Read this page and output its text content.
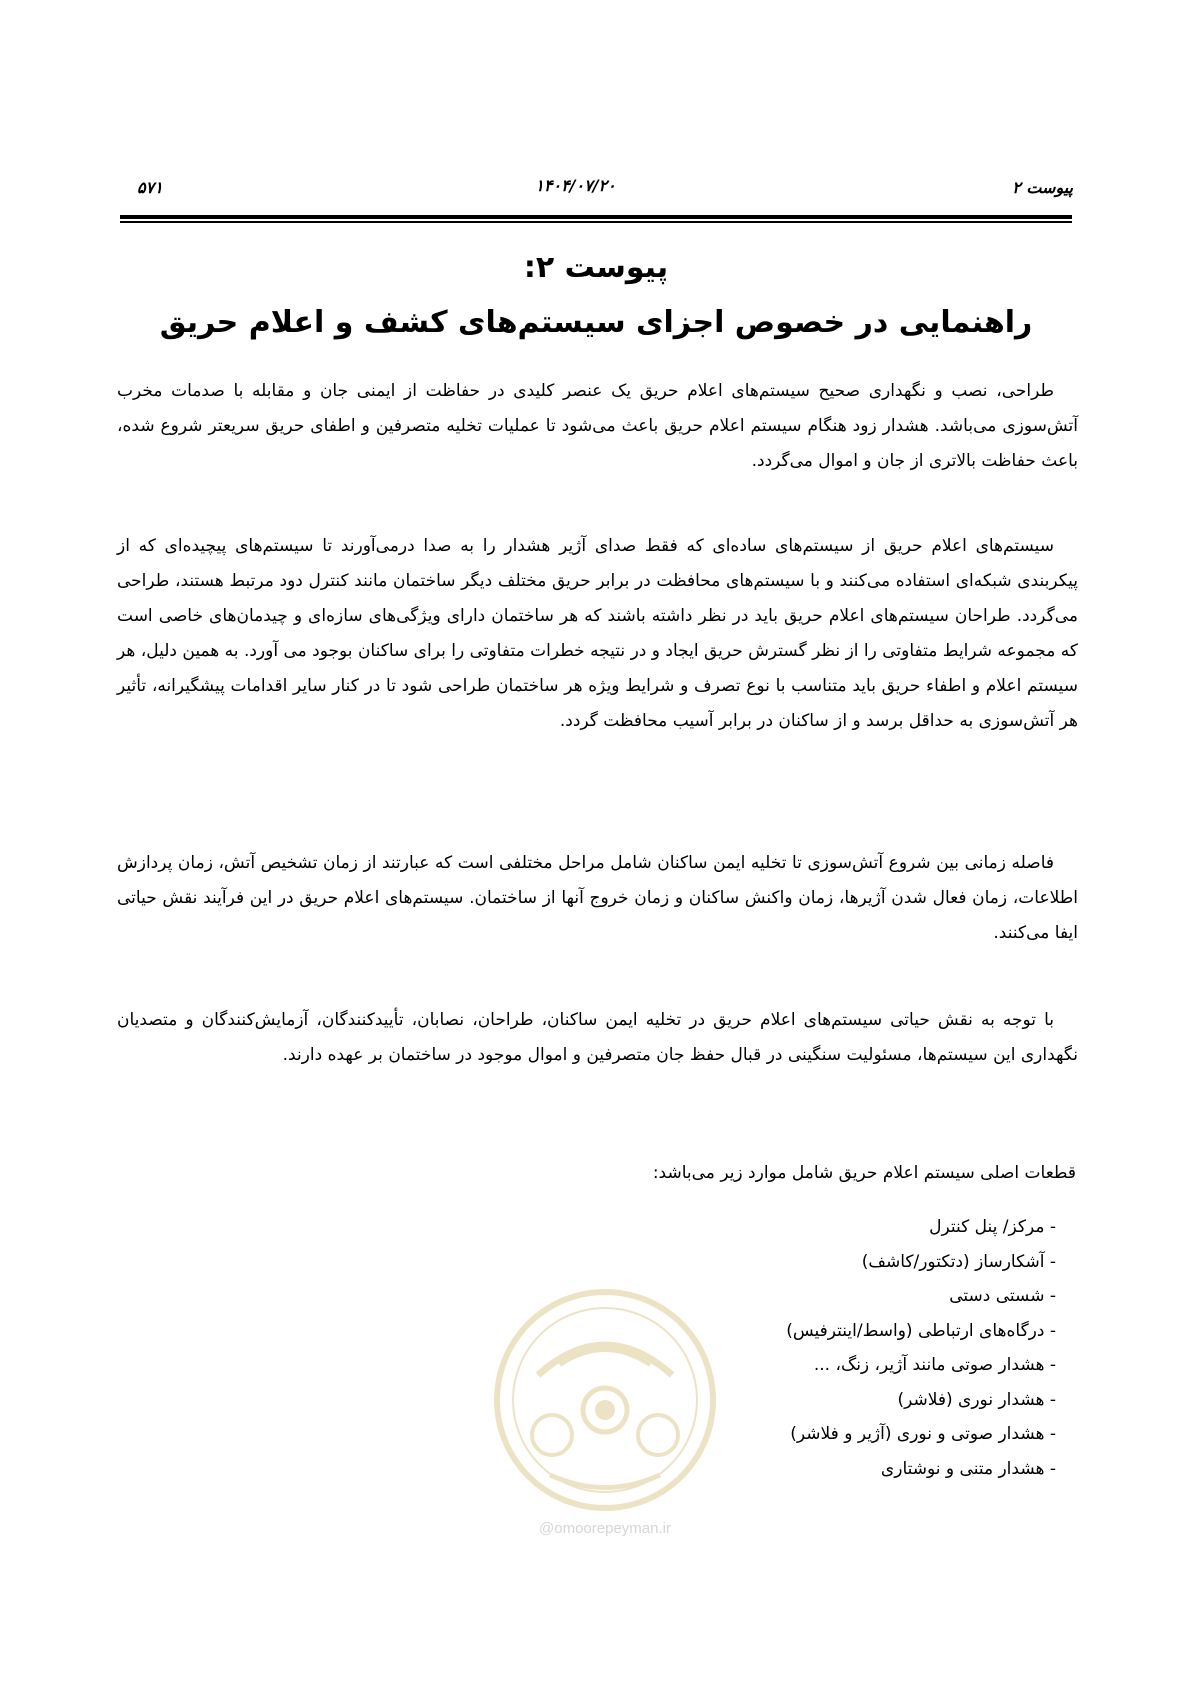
۵۷۱	۱۴۰۴/۰۷/۲۰	پیوست ۲
پیوست ۲:
راهنمایی در خصوص اجزای سیستم‌های کشف و اعلام حریق
طراحی، نصب و نگهداری صحیح سیستم‌های اعلام حریق یک عنصر کلیدی در حفاظت از ایمنی جان و مقابله با صدمات مخرب آتش‌سوزی می‌باشد. هشدار زود هنگام سیستم اعلام حریق باعث می‌شود تا عملیات تخلیه متصرفین و اطفای حریق سریعتر شروع شده، باعث حفاظت بالاتری از جان و اموال می‌گردد.
سیستم‌های اعلام حریق از سیستم‌های ساده‌ای که فقط صدای آژیر هشدار را به صدا درمی‌آورند تا سیستم‌های پیچیده‌ای که از پیکربندی شبکه‌ای استفاده می‌کنند و با سیستم‌های محافظت در برابر حریق مختلف دیگر ساختمان مانند کنترل دود مرتبط هستند، طراحی می‌گردد. طراحان سیستم‌های اعلام حریق باید در نظر داشته باشند که هر ساختمان دارای ویژگی‌های سازه‌ای و چیدمان‌های خاصی است که مجموعه شرایط متفاوتی را از نظر گسترش حریق ایجاد و در نتیجه خطرات متفاوتی را برای ساکنان بوجود می آورد. به همین دلیل، هر سیستم اعلام و اطفاء حریق باید متناسب با نوع تصرف و شرایط ویژه هر ساختمان طراحی شود تا در کنار سایر اقدامات پیشگیرانه، تأثیر هر آتش‌سوزی به حداقل برسد و از ساکنان در برابر آسیب محافظت گردد.
فاصله زمانی بین شروع آتش‌سوزی تا تخلیه ایمن ساکنان شامل مراحل مختلفی است که عبارتند از زمان تشخیص آتش، زمان پردازش اطلاعات، زمان فعال شدن آژیرها، زمان واکنش ساکنان و زمان خروج آنها از ساختمان. سیستم‌های اعلام حریق در این فرآیند نقش حیاتی ایفا می‌کنند.
با توجه به نقش حیاتی سیستم‌های اعلام حریق در تخلیه ایمن ساکنان، طراحان، نصابان، تأییدکنندگان، آزمایش‌کنندگان و متصدیان نگهداری این سیستم‌ها، مسئولیت سنگینی در قبال حفظ جان متصرفین و اموال موجود در ساختمان بر عهده دارند.
قطعات اصلی سیستم اعلام حریق شامل موارد زیر می‌باشد:
- مرکز/ پنل کنترل
- آشکارساز (دتکتور/کاشف)
- شستی دستی
- درگاه‌های ارتباطی (واسط/اینترفیس)
- هشدار صوتی مانند آژیر، زنگ، ...
- هشدار نوری (فلاشر)
- هشدار صوتی و نوری (آژیر و فلاشر)
- هشدار متنی و نوشتاری
@omoorepeyman.ir
